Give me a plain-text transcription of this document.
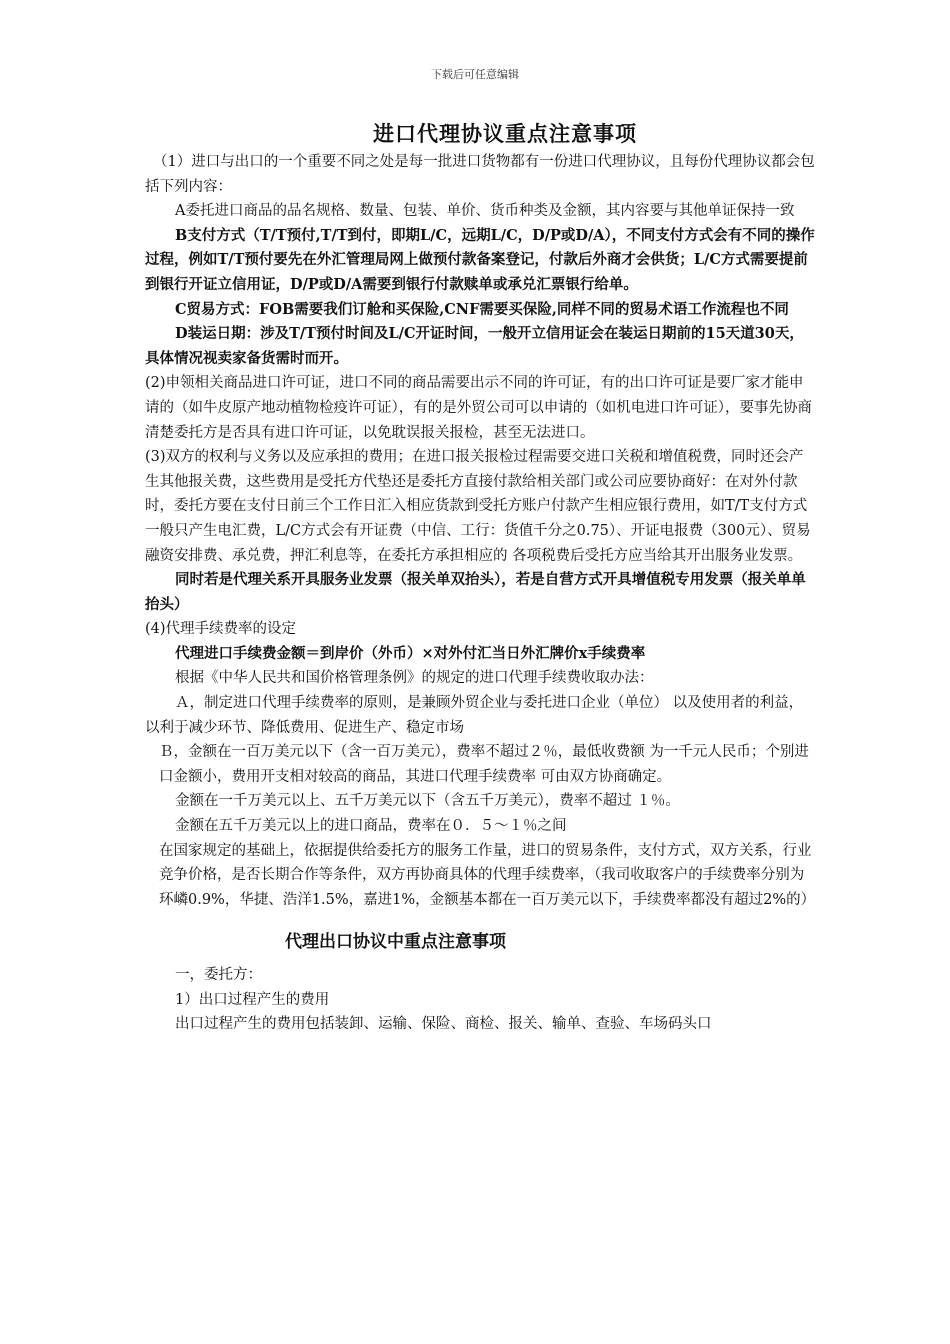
下载后可任意编辑
进口代理协议重点注意事项

（1）进口与出口的一个重要不同之处是每一批进口货物都有一份进口代理协议，且每份代理协议都会包括下列内容：

A委托进口商品的品名规格、数量、包装、单价、货币种类及金额，其内容要与其他单证保持一致

B支付方式（T/T预付,T/T到付，即期L/C，远期L/C，D/P或D/A），不同支付方式会有不同的操作过程，例如T/T预付要先在外汇管理局网上做预付款备案登记，付款后外商才会供货；L/C方式需要提前到银行开证立信用证，D/P或D/A需要到银行付款赎单或承兑汇票银行给单。

C贸易方式：FOB需要我们订舱和买保险,CNF需要买保险,同样不同的贸易术语工作流程也不同

D装运日期：涉及T/T预付时间及L/C开证时间，一般开立信用证会在装运日期前的15天道30天，具体情况视卖家备货需时而开。

(2)申领相关商品进口许可证，进口不同的商品需要出示不同的许可证，有的出口许可证是要厂家才能申请的（如牛皮原产地动植物检疫许可证），有的是外贸公司可以申请的（如机电进口许可证），要事先协商清楚委托方是否具有进口许可证，以免耽误报关报检，甚至无法进口。

(3)双方的权利与义务以及应承担的费用；在进口报关报检过程需要交进口关税和增值税费，同时还会产生其他报关费，这些费用是受托方代垫还是委托方直接付款给相关部门或公司应要协商好：在对外付款时，委托方要在支付日前三个工作日汇入相应货款到受托方账户付款产生相应银行费用，如T/T支付方式一般只产生电汇费，L/C方式会有开证费（中信、工行：货值千分之0.75）、开证电报费（300元）、贸易融资安排费、承兑费，押汇利息等，在委托方承担相应的 各项税费后受托方应当给其开出服务业发票。

同时若是代理关系开具服务业发票（报关单双抬头），若是自营方式开具增值税专用发票（报关单单抬头）

(4)代理手续费率的设定

代理进口手续费金额＝到岸价（外币）×对外付汇当日外汇牌价x手续费率

根据《中华人民共和国价格管理条例》的规定的进口代理手续费收取办法：

Ａ，制定进口代理手续费率的原则，是兼顾外贸企业与委托进口企业（单位） 以及使用者的利益，以利于减少环节、降低费用、促进生产、稳定市场

Ｂ，金额在一百万美元以下（含一百万美元），费率不超过２％，最低收费额 为一千元人民币；个别进口金额小，费用开支相对较高的商品，其进口代理手续费率 可由双方协商确定。

金额在一千万美元以上、五千万美元以下（含五千万美元），费率不超过 １％。

金额在五千万美元以上的进口商品，费率在０．５～１％之间

在国家规定的基础上，依据提供给委托方的服务工作量，进口的贸易条件，支付方式，双方关系，行业竞争价格，是否长期合作等条件，双方再协商具体的代理手续费率，（我司收取客户的手续费率分别为环嶙0.9%，华捷、浩洋1.5%，嘉进1%，金额基本都在一百万美元以下，手续费率都没有超过2%的）

代理出口协议中重点注意事项

一，委托方：

1）出口过程产生的费用

出口过程产生的费用包括装卸、运输、保险、商检、报关、输单、查验、车场码头口
